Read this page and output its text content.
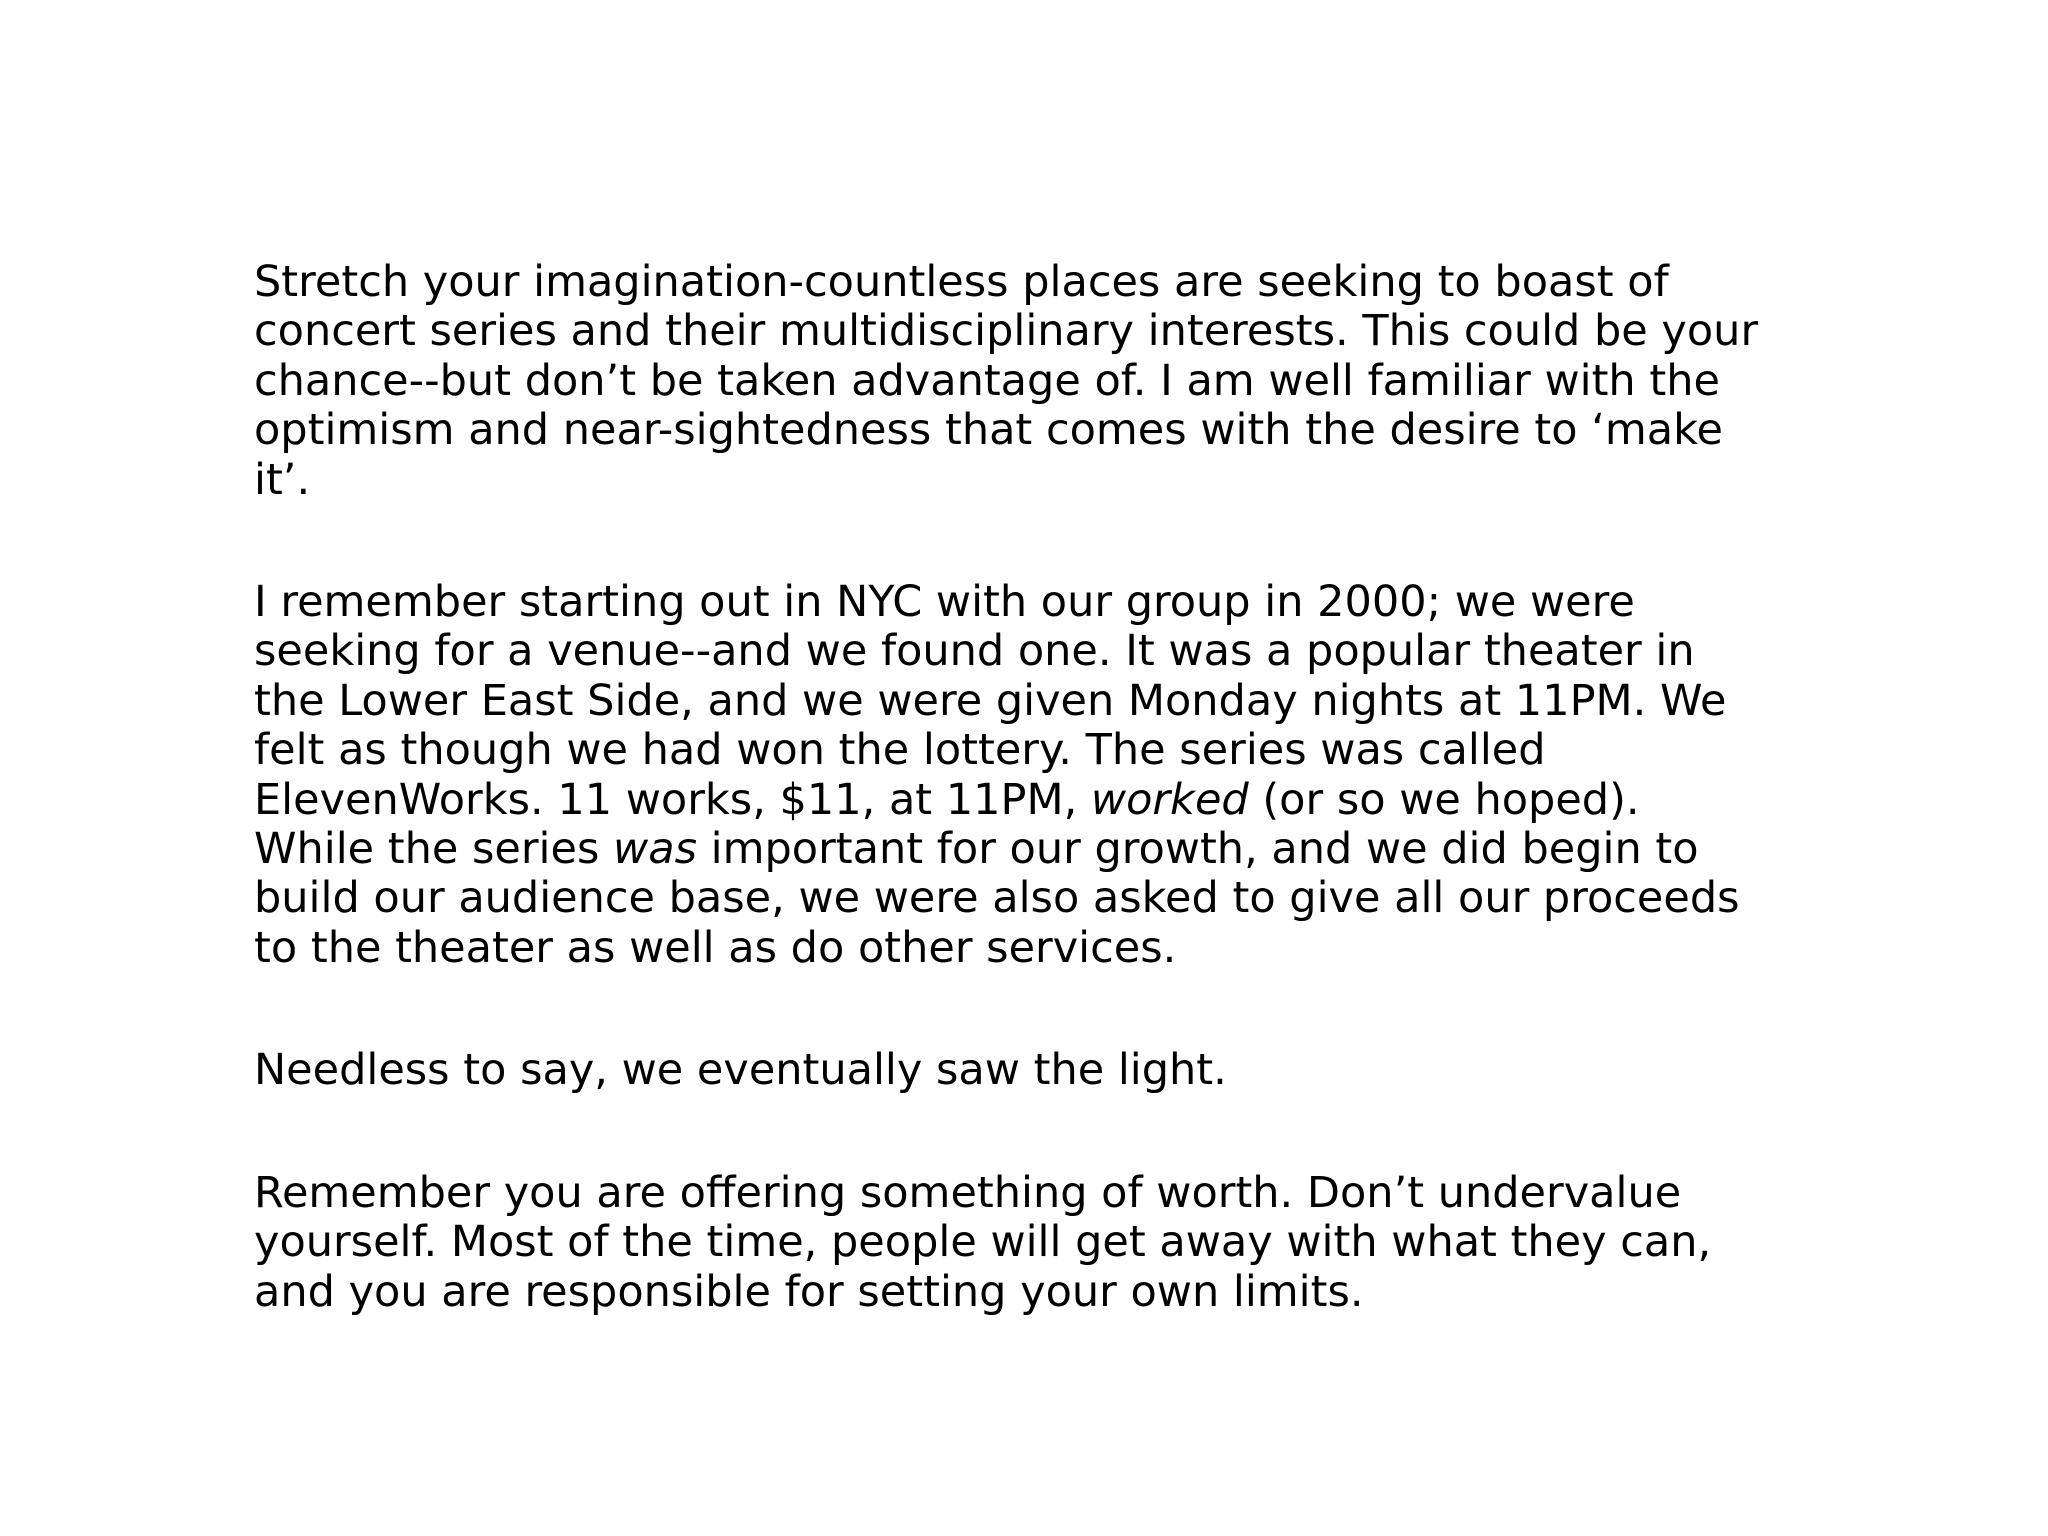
Stretch your imagination-countless places are seeking to boast of
concert series and their multidisciplinary interests. This could be your
chance--but don’t be taken advantage of. I am well familiar with the
optimism and near-sightedness that comes with the desire to ‘make
it’.

I remember starting out in NYC with our group in 2000; we were
seeking for a venue--and we found one. It was a popular theater in
the Lower East Side, and we were given Monday nights at 11PM. We
felt as though we had won the lottery. The series was called
ElevenWorks. 11 works, $11, at 11PM, worked (or so we hoped).
While the series was important for our growth, and we did begin to
build our audience base, we were also asked to give all our proceeds
to the theater as well as do other services.

Needless to say, we eventually saw the light.

Remember you are offering something of worth. Don’t undervalue
yourself. Most of the time, people will get away with what they can,
and you are responsible for setting your own limits.
